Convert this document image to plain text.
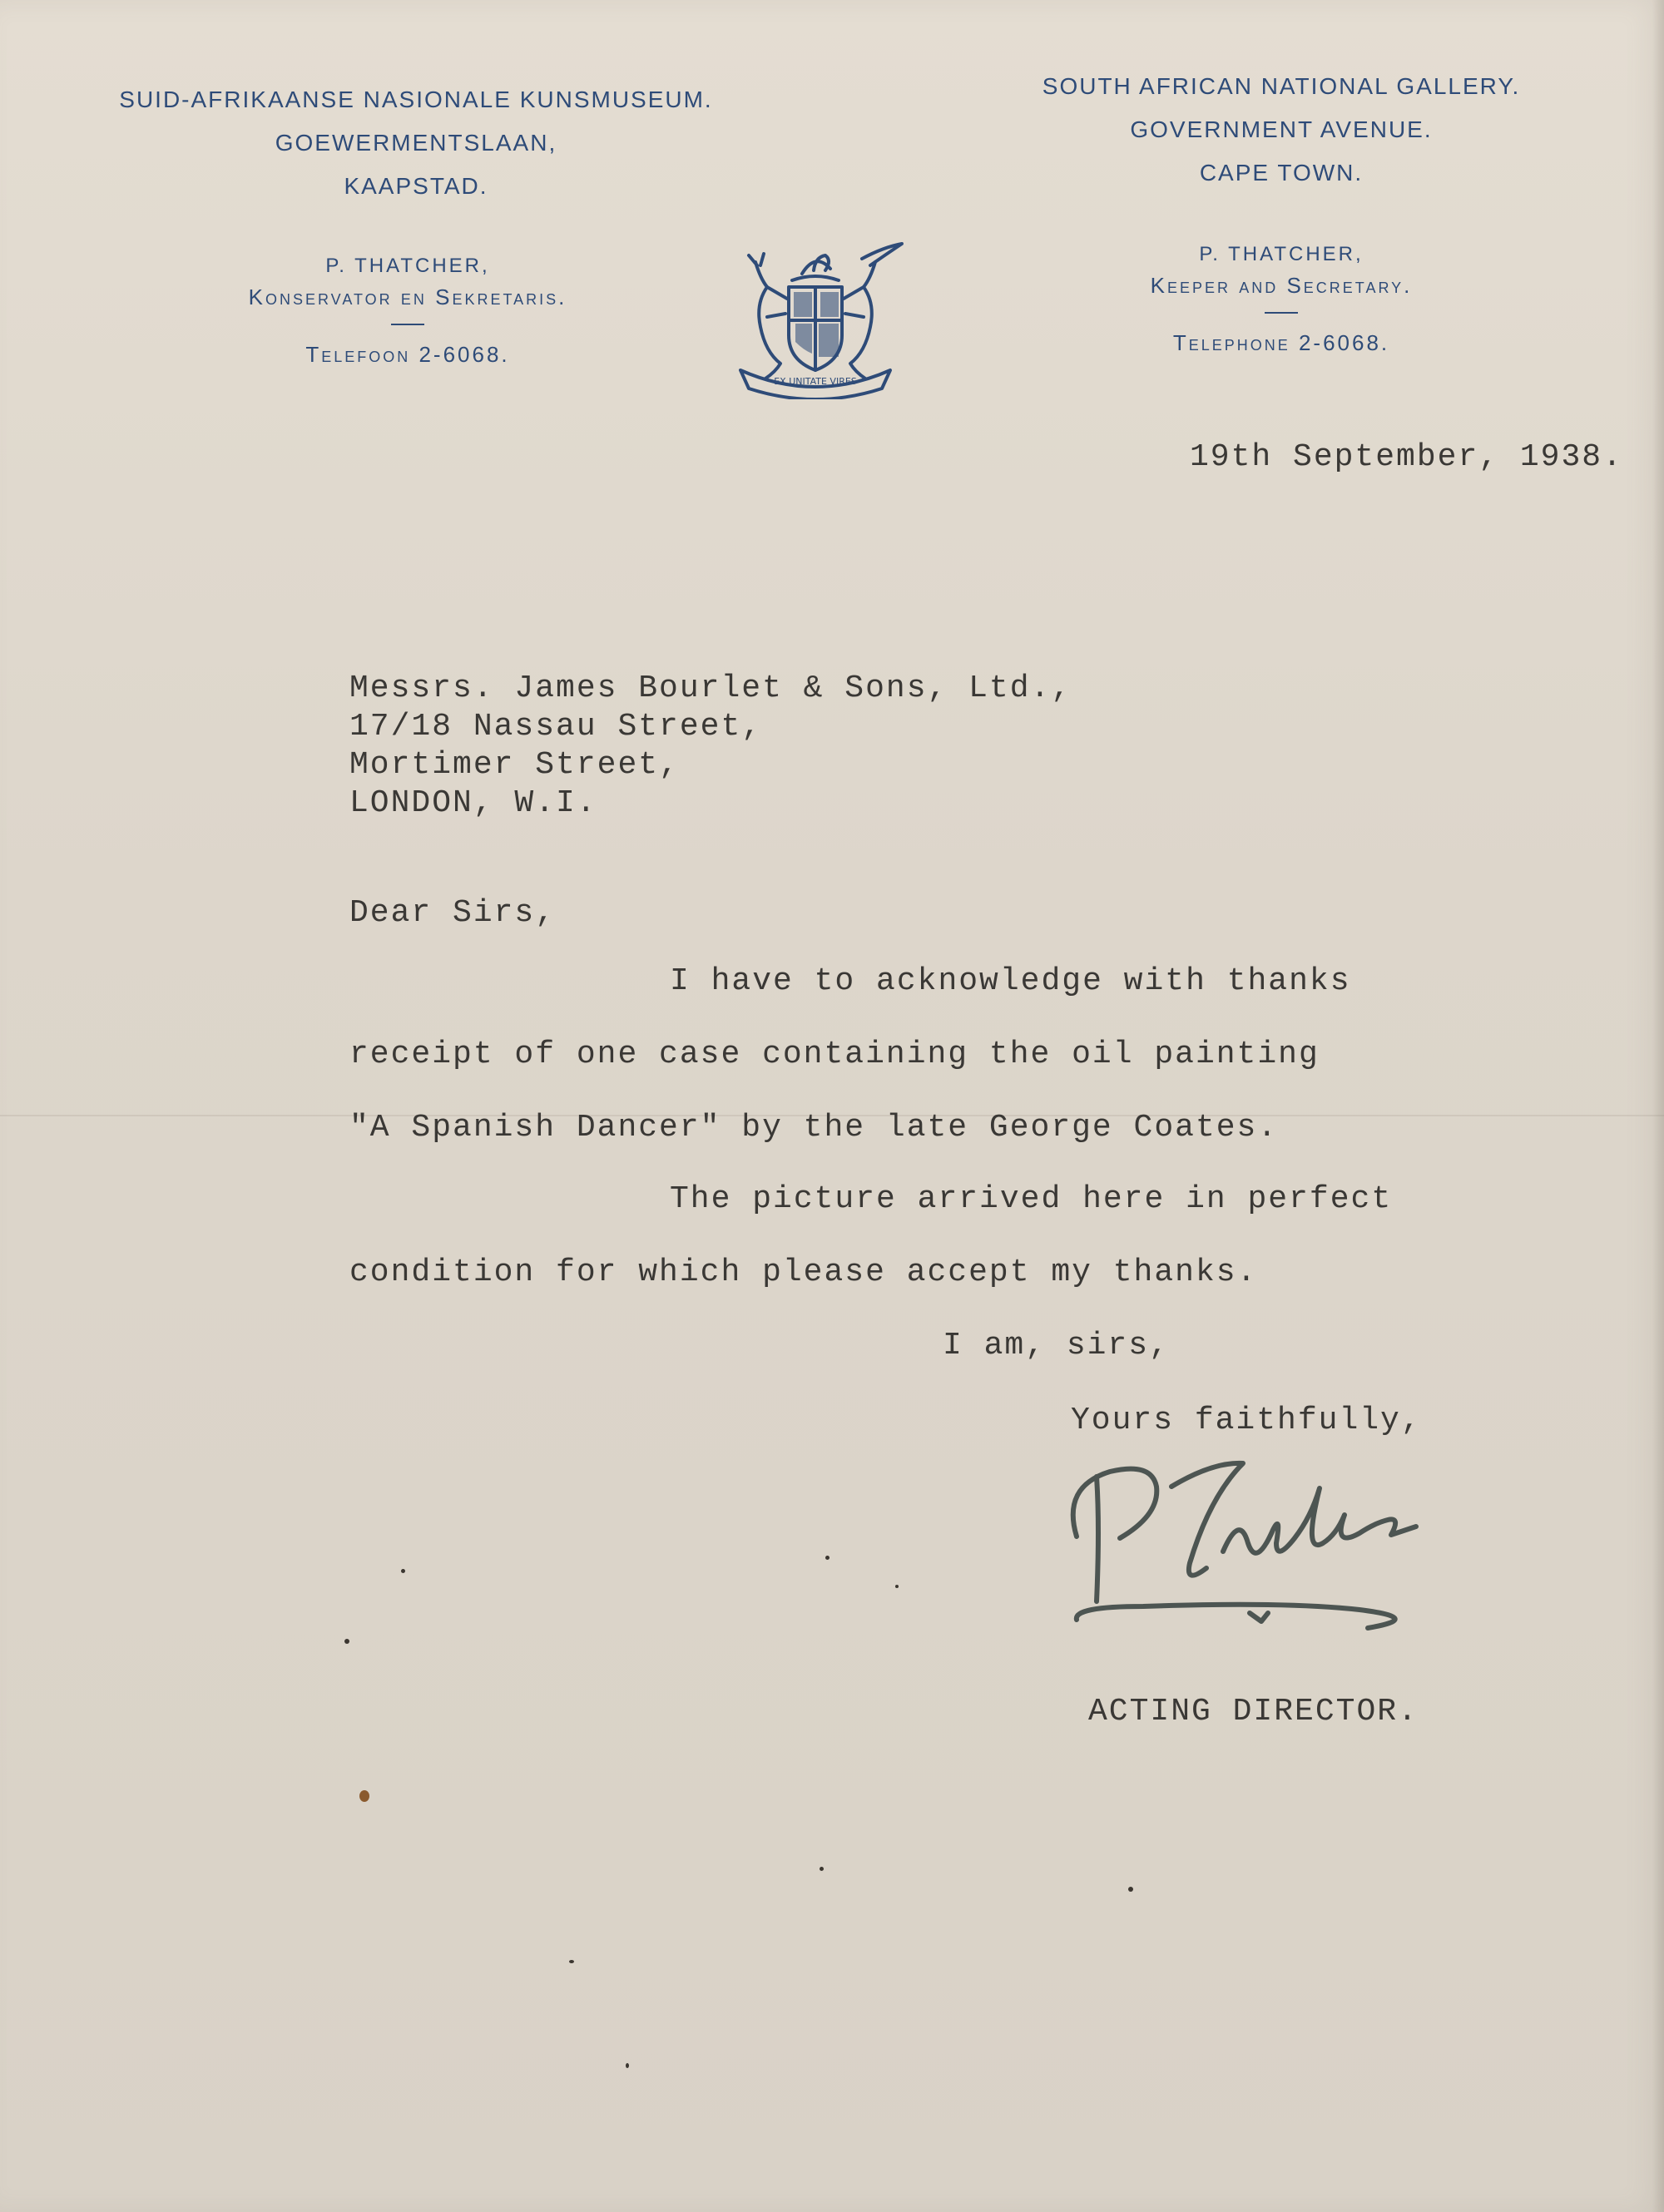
SUID-AFRIKAANSE NASIONALE KUNSMUSEUM.
GOEWERMENTSLAAN,
KAAPSTAD.
P. THATCHER,
Konservator en Sekretaris.
Telefoon 2-6068.
SOUTH AFRICAN NATIONAL GALLERY.
GOVERNMENT AVENUE.
CAPE TOWN.
P. THATCHER,
Keeper and Secretary.
Telephone 2-6068.
EX UNITATE VIRES
19th September, 1938.
Messrs. James Bourlet & Sons, Ltd.,
17/18 Nassau Street,
Mortimer Street,
LONDON, W.I.
Dear Sirs,
I have to acknowledge with thanks
receipt of one case containing the oil painting
"A Spanish Dancer" by the late George Coates.
The picture arrived here in perfect
condition for which please accept my thanks.
I am, sirs,
Yours faithfully,
ACTING DIRECTOR.
